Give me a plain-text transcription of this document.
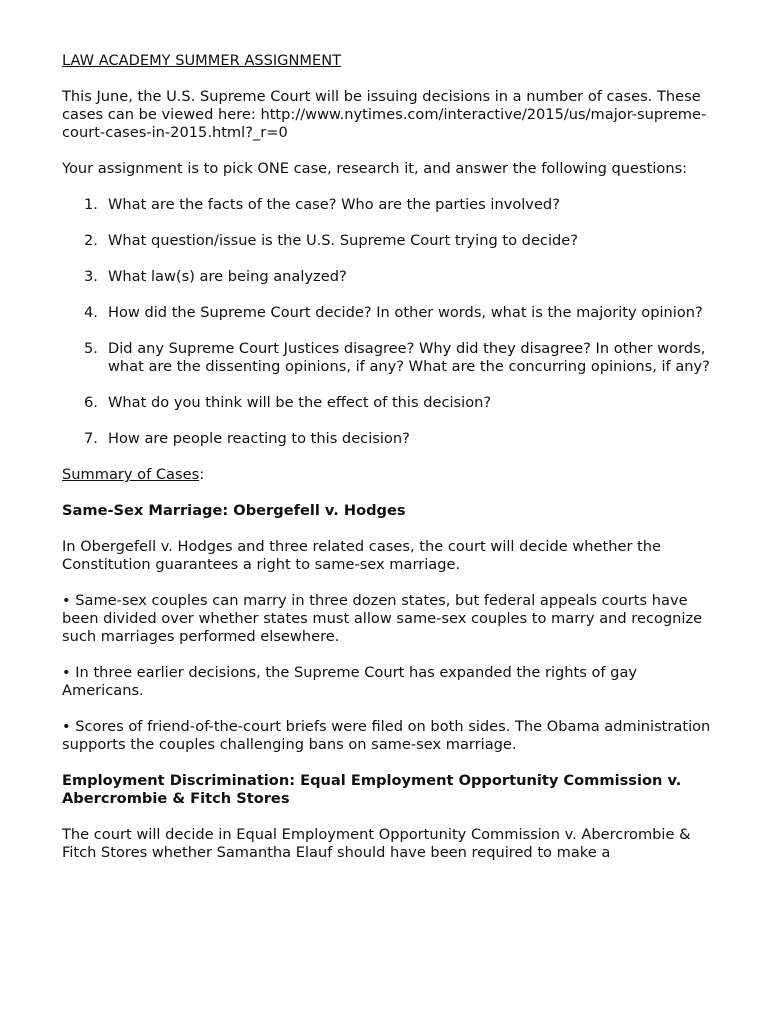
LAW ACADEMY SUMMER ASSIGNMENT

This June, the U.S. Supreme Court will be issuing decisions in a number of cases. These cases can be viewed here: http://www.nytimes.com/interactive/2015/us/major-supreme-court-cases-in-2015.html?_r=0

Your assignment is to pick ONE case, research it, and answer the following questions:

1. What are the facts of the case? Who are the parties involved?
2. What question/issue is the U.S. Supreme Court trying to decide?
3. What law(s) are being analyzed?
4. How did the Supreme Court decide? In other words, what is the majority opinion?
5. Did any Supreme Court Justices disagree? Why did they disagree? In other words, what are the dissenting opinions, if any? What are the concurring opinions, if any?
6. What do you think will be the effect of this decision?
7. How are people reacting to this decision?

Summary of Cases:

Same-Sex Marriage: Obergefell v. Hodges

In Obergefell v. Hodges and three related cases, the court will decide whether the Constitution guarantees a right to same-sex marriage.

• Same-sex couples can marry in three dozen states, but federal appeals courts have been divided over whether states must allow same-sex couples to marry and recognize such marriages performed elsewhere.

• In three earlier decisions, the Supreme Court has expanded the rights of gay Americans.

• Scores of friend-of-the-court briefs were filed on both sides. The Obama administration supports the couples challenging bans on same-sex marriage.

Employment Discrimination: Equal Employment Opportunity Commission v. Abercrombie & Fitch Stores

The court will decide in Equal Employment Opportunity Commission v. Abercrombie & Fitch Stores whether Samantha Elauf should have been required to make a
